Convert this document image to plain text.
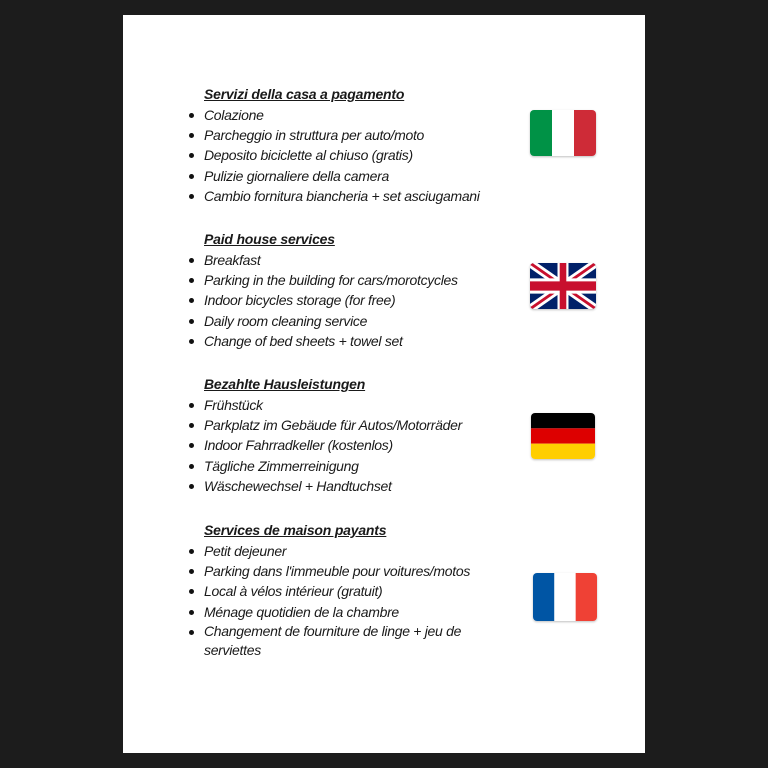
Servizi della casa a pagamento
Colazione
Parcheggio in struttura per auto/moto
Deposito biciclette al chiuso (gratis)
Pulizie giornaliere della camera
Cambio fornitura biancheria + set asciugamani
Paid house services
Breakfast
Parking in the building for cars/morotcycles
Indoor bicycles storage (for free)
Daily room cleaning service
Change of bed sheets + towel set
Bezahlte Hausleistungen
Frühstück
Parkplatz im Gebäude für Autos/Motorräder
Indoor Fahrradkeller (kostenlos)
Tägliche Zimmerreinigung
Wäschewechsel + Handtuchset
Services de maison payants
Petit dejeuner
Parking dans l'immeuble pour voitures/motos
Local à vélos intérieur (gratuit)
Ménage quotidien de la chambre
Changement de fourniture de linge + jeu de serviettes
